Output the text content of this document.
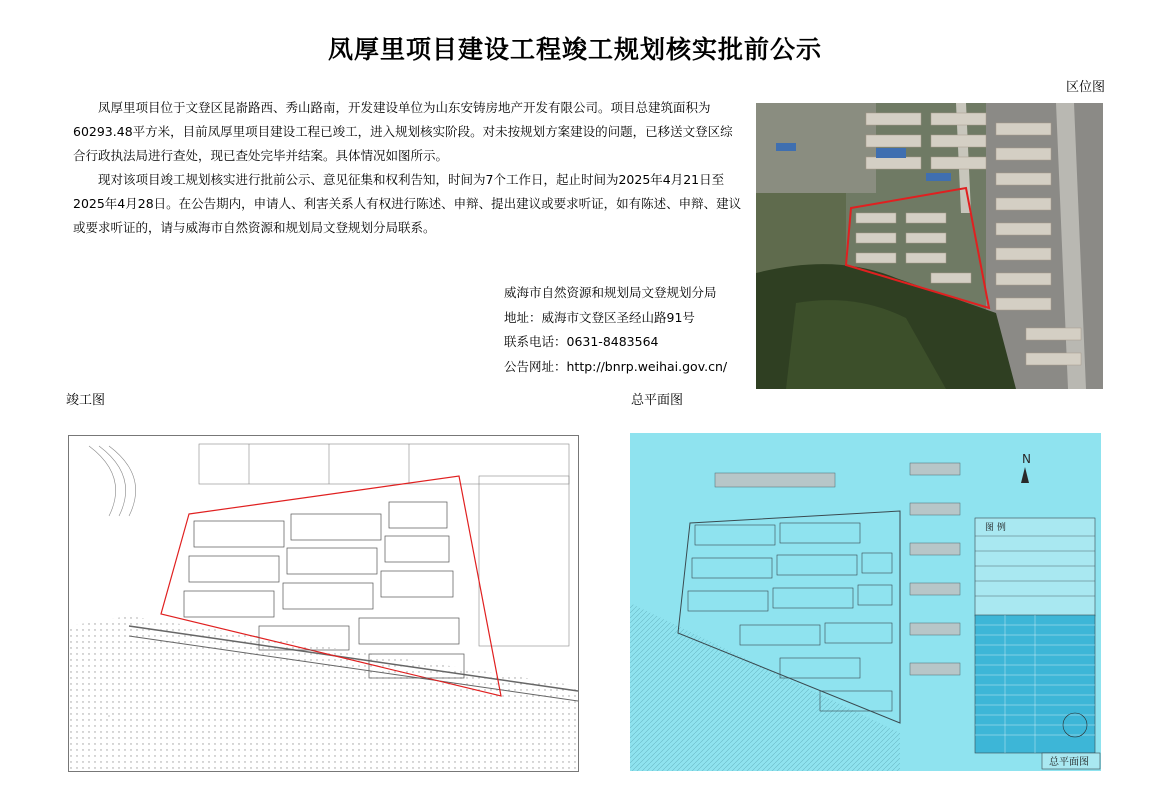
凤厚里项目建设工程竣工规划核实批前公示

凤厚里项目位于文登区昆嵛路西、秀山路南，开发建设单位为山东安铸房地产开发有限公司。项目总建筑面积为60293.48平方米，目前凤厚里项目建设工程已竣工，进入规划核实阶段。对未按规划方案建设的问题，已移送文登区综合行政执法局进行查处，现已查处完毕并结案。具体情况如图所示。

现对该项目竣工规划核实进行批前公示、意见征集和权利告知，时间为7个工作日，起止时间为2025年4月21日至2025年4月28日。在公告期内，申请人、利害关系人有权进行陈述、申辩、提出建议或要求听证，如有陈述、申辩、建议或要求听证的，请与威海市自然资源和规划局文登规划分局联系。

威海市自然资源和规划局文登规划分局
地址：威海市文登区圣经山路91号
联系电话：0631-8483564
公告网址：http://bnrp.weihai.gov.cn/
区位图
竣工图	总平面图
N
图 例
总平面图
